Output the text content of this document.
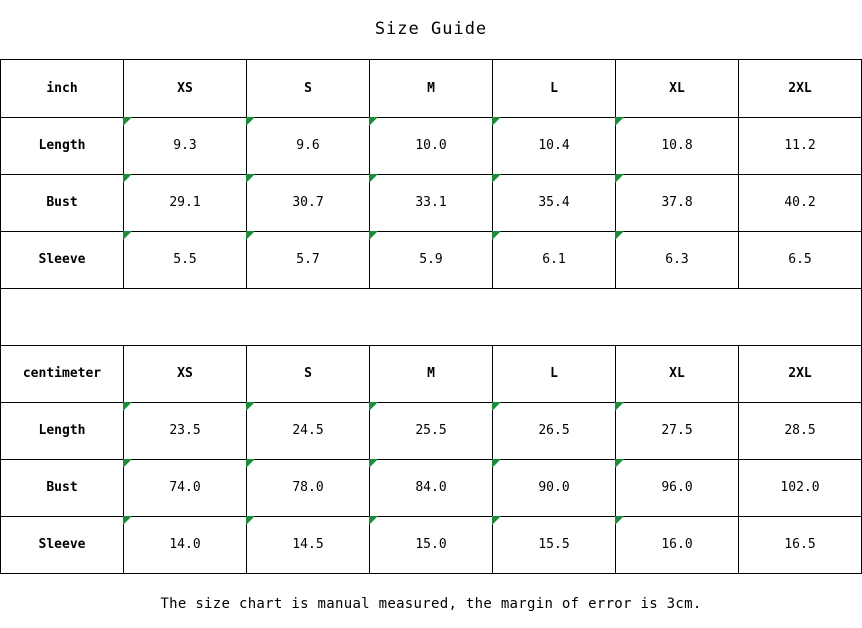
Size Guide
inch	XS	S	M	L	XL	2XL
Length	9.3	9.6	10.0	10.4	10.8	11.2
Bust	29.1	30.7	33.1	35.4	37.8	40.2
Sleeve	5.5	5.7	5.9	6.1	6.3	6.5

centimeter	XS	S	M	L	XL	2XL
Length	23.5	24.5	25.5	26.5	27.5	28.5
Bust	74.0	78.0	84.0	90.0	96.0	102.0
Sleeve	14.0	14.5	15.0	15.5	16.0	16.5
The size chart is manual measured, the margin of error is 3cm.
